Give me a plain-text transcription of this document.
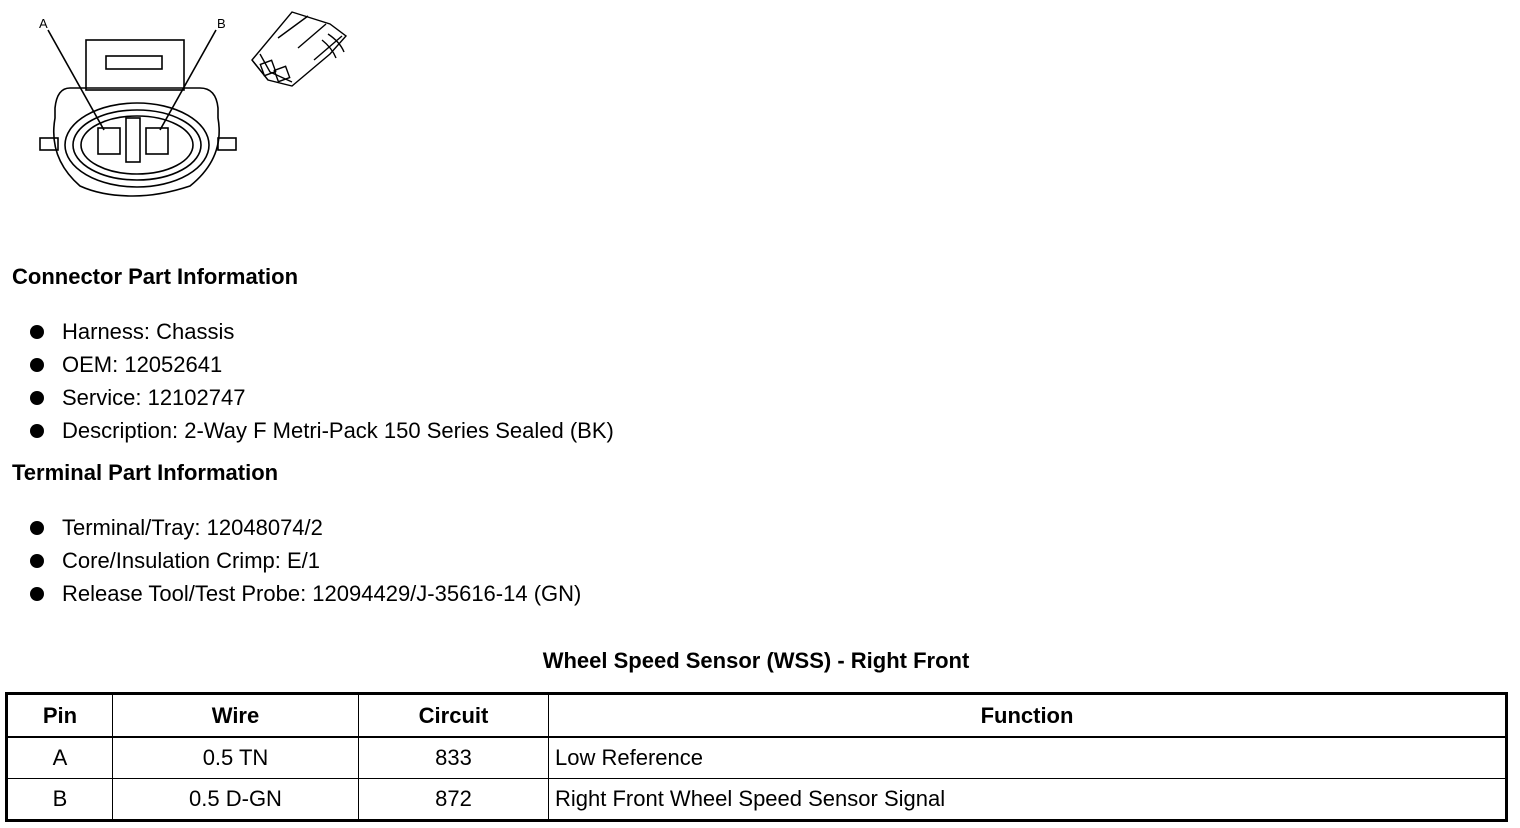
A	B
Connector Part Information
Harness: Chassis
OEM: 12052641
Service: 12102747
Description: 2-Way F Metri-Pack 150 Series Sealed (BK)
Terminal Part Information
Terminal/Tray: 12048074/2
Core/Insulation Crimp: E/1
Release Tool/Test Probe: 12094429/J-35616-14 (GN)
Wheel Speed Sensor (WSS) - Right Front
Pin	Wire	Circuit	Function
A	0.5 TN	833	Low Reference
B	0.5 D-GN	872	Right Front Wheel Speed Sensor Signal
